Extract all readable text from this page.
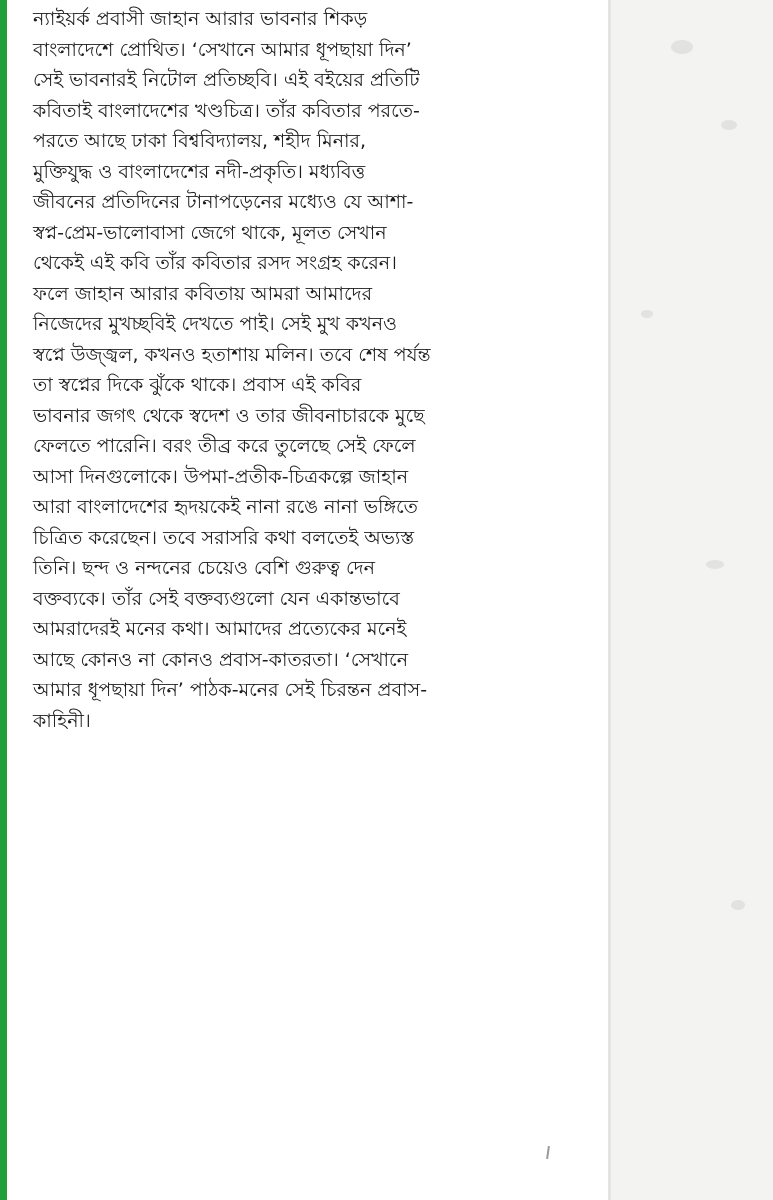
ন্যাইয়র্ক প্রবাসী জাহান আরার ভাবনার শিকড়
বাংলাদেশে প্রোথিত। ‘সেখানে আমার ধূপছায়া দিন’
সেই ভাবনারই নিটোল প্রতিচ্ছবি। এই বইয়ের প্রতিটি
কবিতাই বাংলাদেশের খণ্ডচিত্র। তাঁর কবিতার পরতে-
পরতে আছে ঢাকা বিশ্ববিদ্যালয়, শহীদ মিনার,
মুক্তিযুদ্ধ ও বাংলাদেশের নদী-প্রকৃতি। মধ্যবিত্ত
জীবনের প্রতিদিনের টানাপড়েনের মধ্যেও যে আশা-
স্বপ্ন-প্রেম-ভালোবাসা জেগে থাকে, মূলত সেখান
থেকেই এই কবি তাঁর কবিতার রসদ সংগ্রহ করেন।
ফলে জাহান আরার কবিতায় আমরা আমাদের
নিজেদের মুখচ্ছবিই দেখতে পাই। সেই মুখ কখনও
স্বপ্নে উজ্জ্বল, কখনও হতাশায় মলিন। তবে শেষ পর্যন্ত
তা স্বপ্নের দিকে ঝুঁকে থাকে। প্রবাস এই কবির
ভাবনার জগৎ থেকে স্বদেশ ও তার জীবনাচারকে মুছে
ফেলতে পারেনি। বরং তীব্র করে তুলেছে সেই ফেলে
আসা দিনগুলোকে। উপমা-প্রতীক-চিত্রকল্পে জাহান
আরা বাংলাদেশের হৃদয়কেই নানা রঙে নানা ভঙ্গিতে
চিত্রিত করেছেন। তবে সরাসরি কথা বলতেই অভ্যস্ত
তিনি। ছন্দ ও নন্দনের চেয়েও বেশি গুরুত্ব দেন
বক্তব্যকে। তাঁর সেই বক্তব্যগুলো যেন একান্তভাবে
আমরাদেরই মনের কথা। আমাদের প্রত্যেকের মনেই
আছে কোনও না কোনও প্রবাস-কাতরতা। ‘সেখানে
আমার ধূপছায়া দিন’ পাঠক-মনের সেই চিরন্তন প্রবাস-
কাহিনী।
